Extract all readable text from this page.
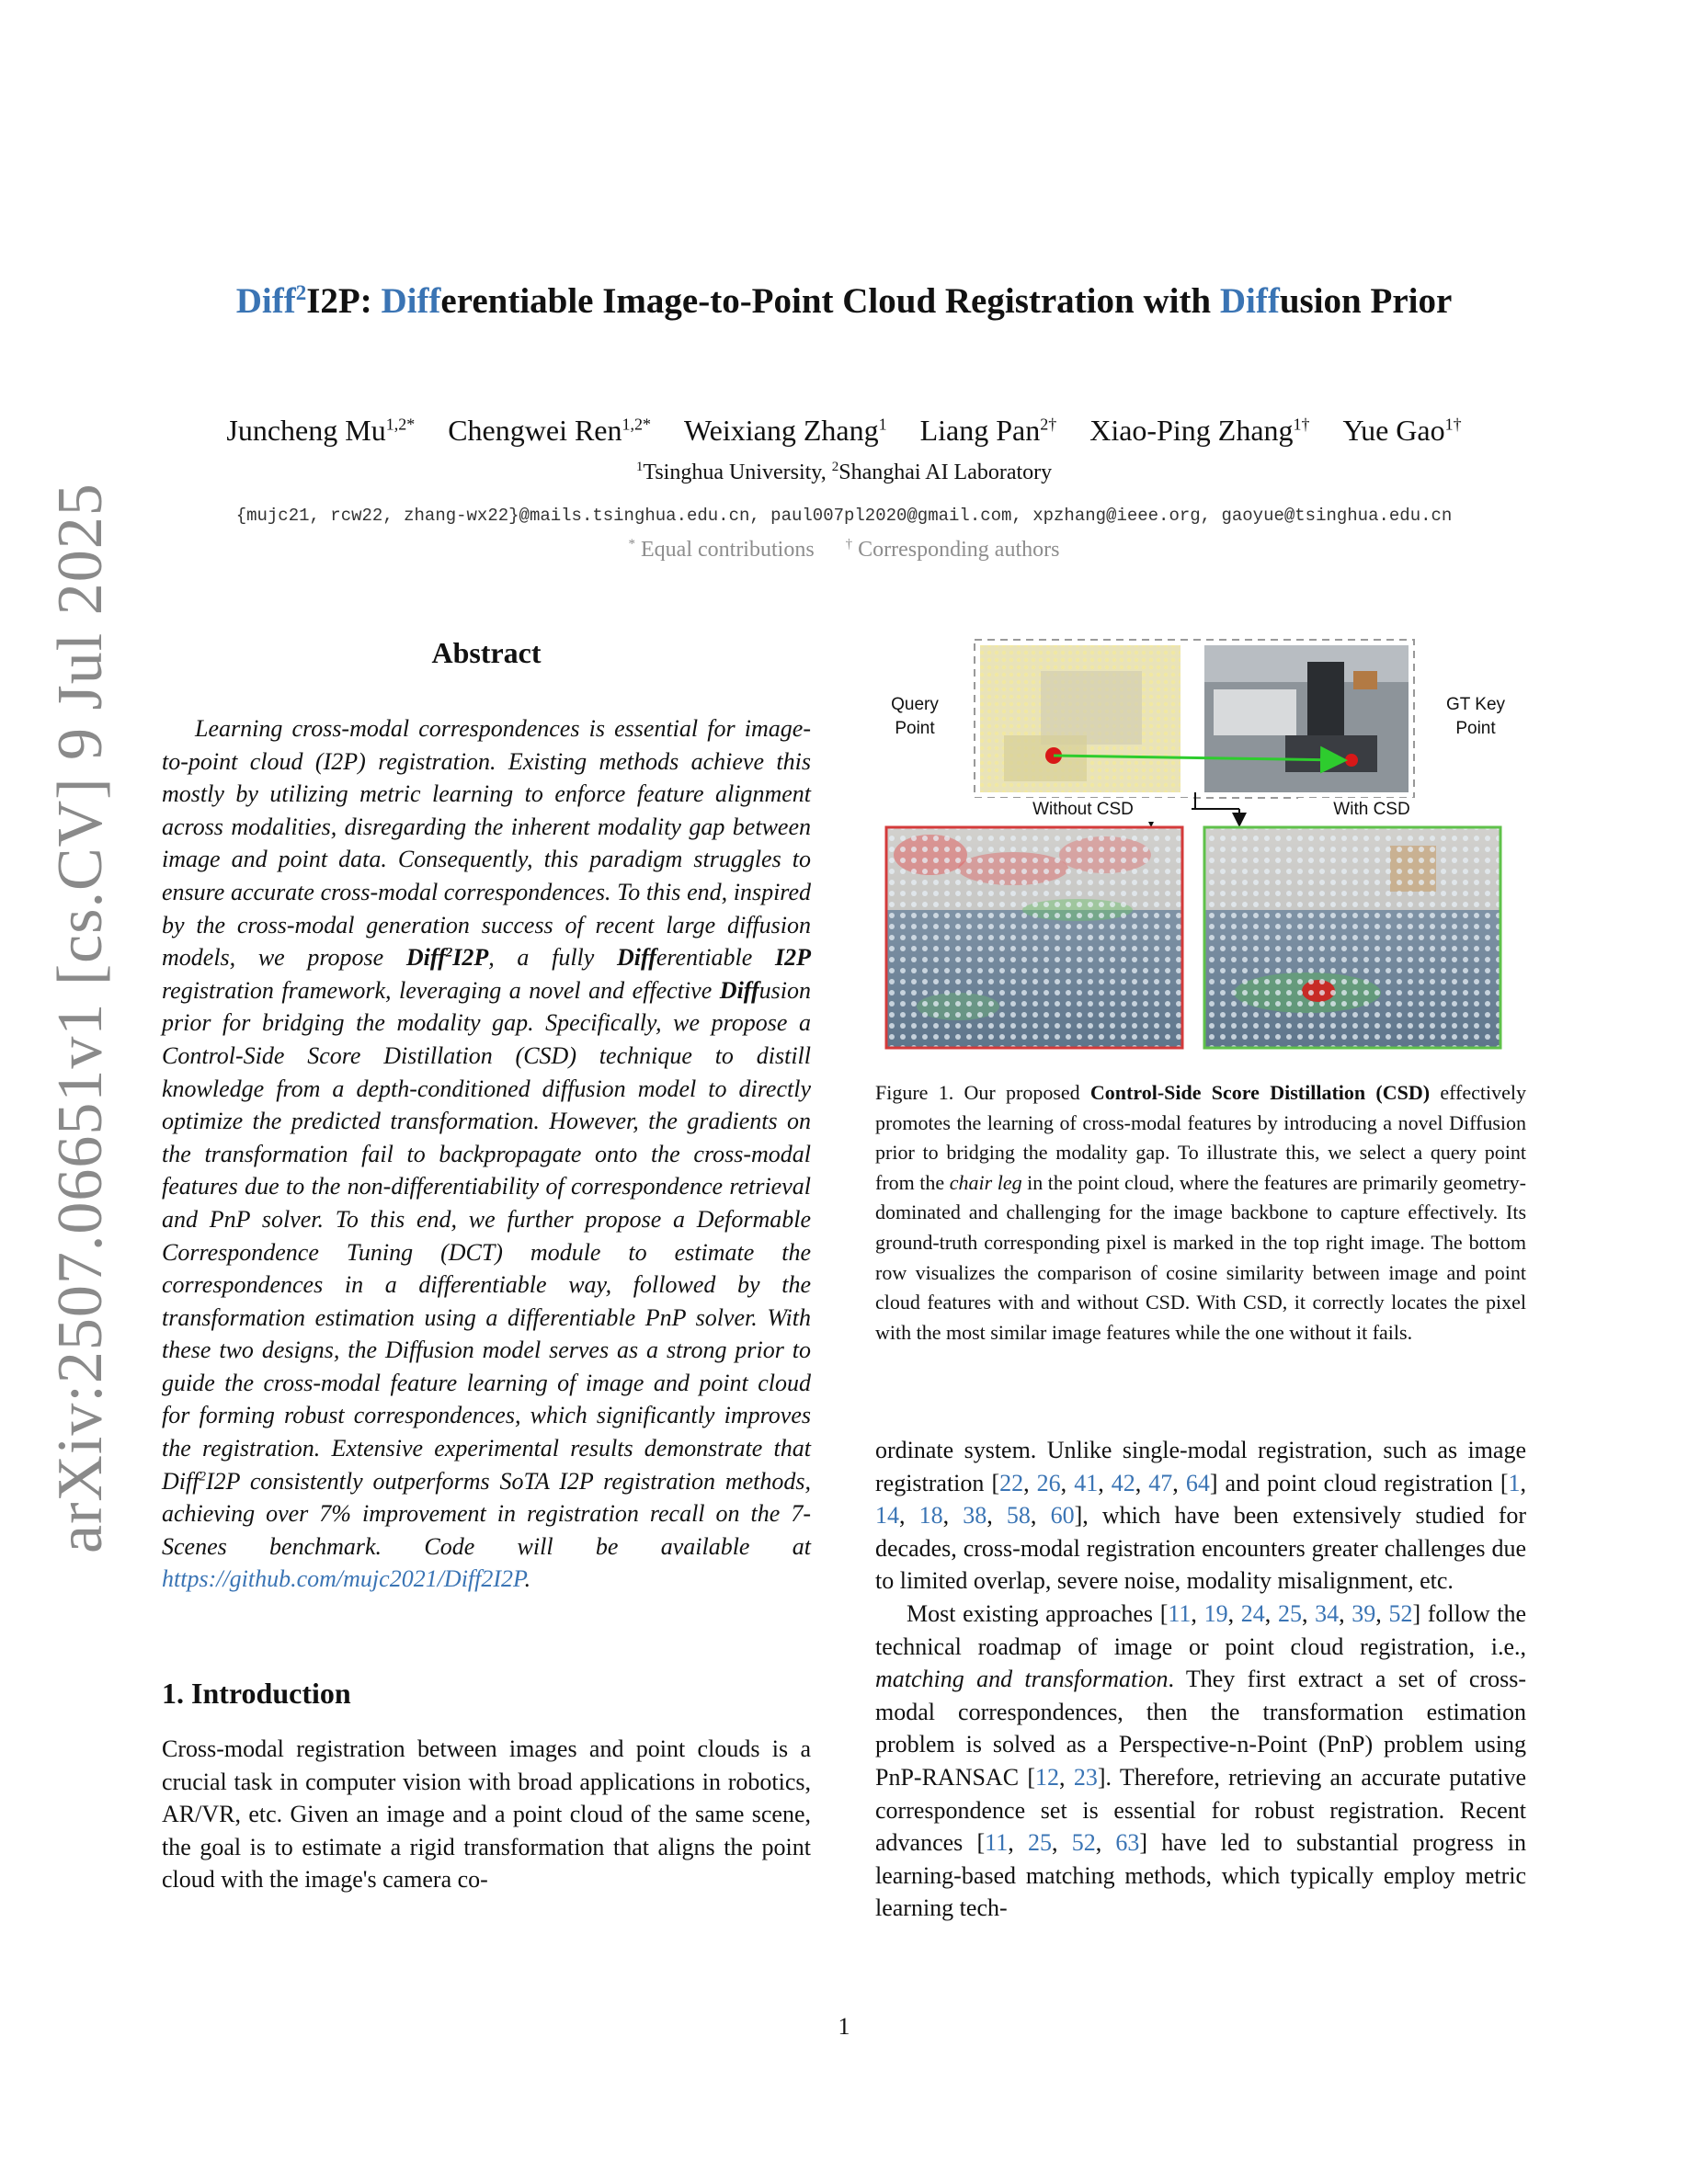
arXiv:2507.06651v1 [cs.CV] 9 Jul 2025
Diff$^2$I2P: Differentiable Image-to-Point Cloud Registration with Diffusion Prior
Juncheng $Mu^{1,2*}$ Chengwei Ren$^{1,2*}$ Weixiang Zhang$^1$ Liang Pan$^{2\dagger}$ Xiao-Ping Zhang$^{1\dagger}$ Yue Gao$^{1\dagger}$
$^1$Tsinghua University, $^2$Shanghai AI Laboratory
{mujc21, rcw22, zhang-wx22}@mails.tsinghua.edu.cn, paul007pl2020@gmail.com, xpzhang@ieee.org, gaoyue@tsinghua.edu.cn
* Equal contributions † Corresponding authors
Abstract

Learning cross-modal correspondences is essential for image-to-point cloud (I2P) registration. Existing methods achieve this mostly by utilizing metric learning to enforce feature alignment across modalities, disregarding the inherent modality gap between image and point data. Consequently, this paradigm struggles to ensure accurate cross-modal correspondences. To this end, inspired by the cross-modal generation success of recent large diffusion models, we propose Diff$^2$I2P, a fully Differentiable I2P registration framework, leveraging a novel and effective Diffusion prior for bridging the modality gap. Specifically, we propose a Control-Side Score Distillation (CSD) technique to distill knowledge from a depth-conditioned diffusion model to directly optimize the predicted transformation. However, the gradients on the transformation fail to backpropagate onto the cross-modal features due to the non-differentiability of correspondence retrieval and PnP solver. To this end, we further propose a Deformable Correspondence Tuning (DCT) module to estimate the correspondences in a differentiable way, followed by the transformation estimation using a differentiable PnP solver. With these two designs, the Diffusion model serves as a strong prior to guide the cross-modal feature learning of image and point cloud for forming robust correspondences, which significantly improves the registration. Extensive experimental results demonstrate that Diff$^2$I2P consistently outperforms SoTA I2P registration methods, achieving over 7% improvement in registration recall on the 7-Scenes benchmark. Code will be available at https://github.com/mujc2021/Diff2I2P.

1. Introduction

Cross-modal registration between images and point clouds is a crucial task in computer vision with broad applications in robotics, AR/VR, etc. Given an image and a point cloud of the same scene, the goal is to estimate a rigid transformation that aligns the point cloud with the image's camera co-

Query
Point
GT Key
Point
Without CSD	With CSD
Figure 1. Our proposed Control-Side Score Distillation (CSD) effectively promotes the learning of cross-modal features by introducing a novel Diffusion prior to bridging the modality gap. To illustrate this, we select a query point from the chair leg in the point cloud, where the features are primarily geometry-dominated and challenging for the image backbone to capture effectively. Its ground-truth corresponding pixel is marked in the top right image. The bottom row visualizes the comparison of cosine similarity between image and point cloud features with and without CSD. With CSD, it correctly locates the pixel with the most similar image features while the one without it fails.

ordinate system. Unlike single-modal registration, such as image registration [22, 26, 41, 42, 47, 64] and point cloud registration [1, 14, 18, 38, 58, 60], which have been extensively studied for decades, cross-modal registration encounters greater challenges due to limited overlap, severe noise, modality misalignment, etc.

Most existing approaches [11, 19, 24, 25, 34, 39, 52] follow the technical roadmap of image or point cloud registration, i.e., matching and transformation. They first extract a set of cross-modal correspondences, then the transformation estimation problem is solved as a Perspective-n-Point (PnP) problem using PnP-RANSAC [12, 23]. Therefore, retrieving an accurate putative correspondence set is essential for robust registration. Recent advances [11, 25, 52, 63] have led to substantial progress in learning-based matching methods, which typically employ metric learning tech-

1
